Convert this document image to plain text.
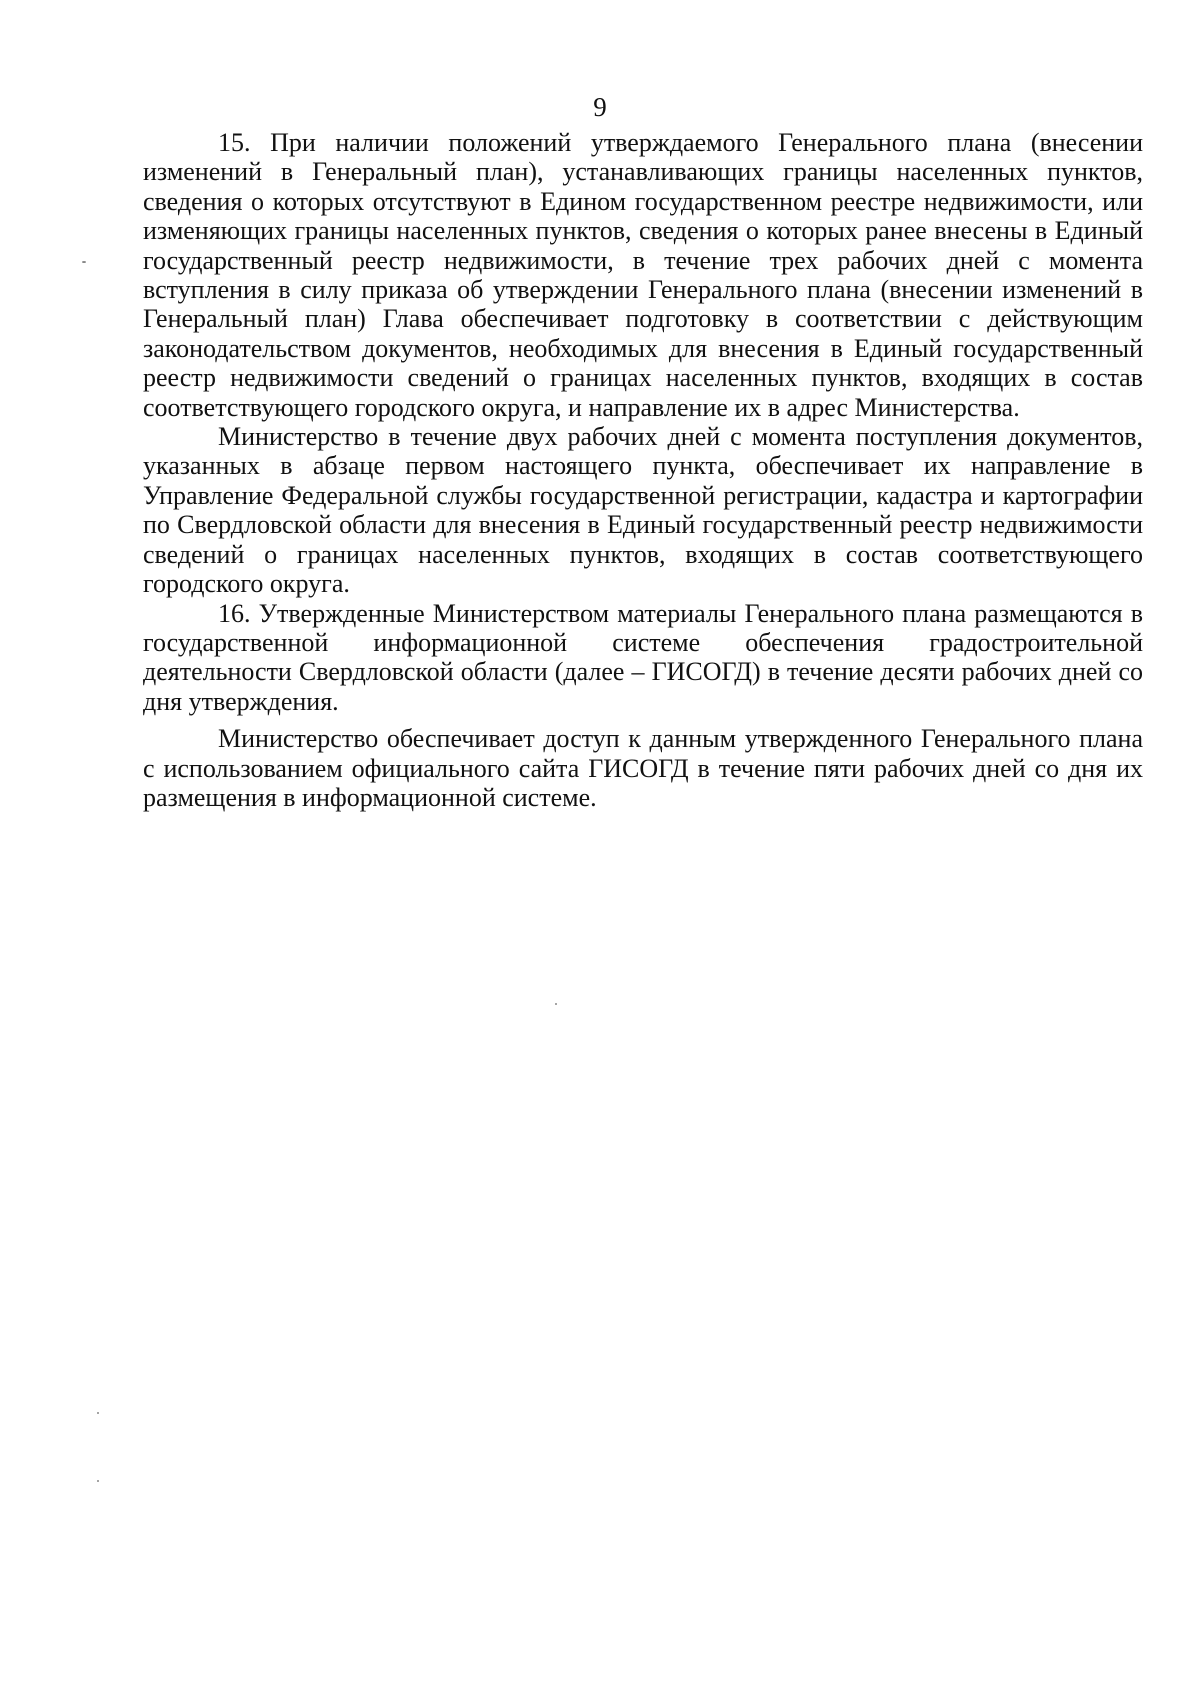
9

15. При наличии положений утверждаемого Генерального плана (внесении изменений в Генеральный план), устанавливающих границы населенных пунктов, сведения о которых отсутствуют в Едином государственном реестре недвижимости, или изменяющих границы населенных пунктов, сведения о которых ранее внесены в Единый государственный реестр недвижимости, в течение трех рабочих дней с момента вступления в силу приказа об утверждении Генерального плана (внесении изменений в Генеральный план) Глава обеспечивает подготовку в соответствии с действующим законодательством документов, необходимых для внесения в Единый государственный реестр недвижимости сведений о границах населенных пунктов, входящих в состав соответствующего городского округа, и направление их в адрес Министерства.

Министерство в течение двух рабочих дней с момента поступления документов, указанных в абзаце первом настоящего пункта, обеспечивает их направление в Управление Федеральной службы государственной регистрации, кадастра и картографии по Свердловской области для внесения в Единый государственный реестр недвижимости сведений о границах населенных пунктов, входящих в состав соответствующего городского округа.

16. Утвержденные Министерством материалы Генерального плана размещаются в государственной информационной системе обеспечения градостроительной деятельности Свердловской области (далее – ГИСОГД) в течение десяти рабочих дней со дня утверждения.

Министерство обеспечивает доступ к данным утвержденного Генерального плана с использованием официального сайта ГИСОГД в течение пяти рабочих дней со дня их размещения в информационной системе.
